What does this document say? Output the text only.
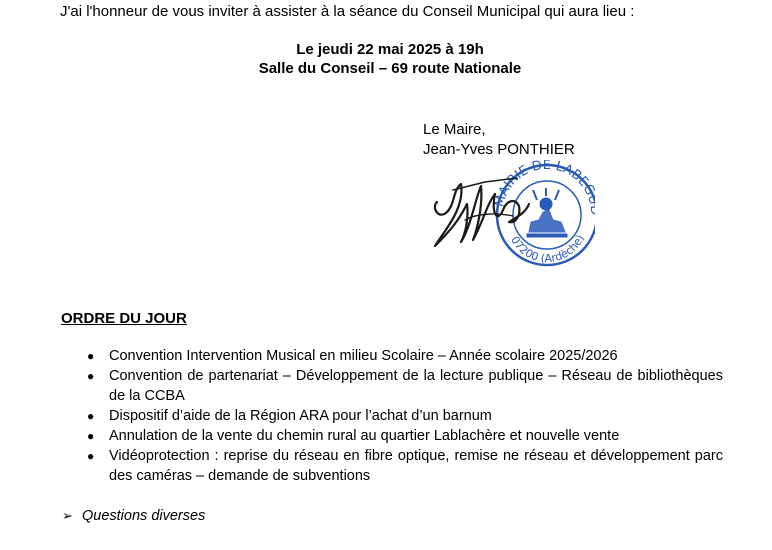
J'ai l'honneur de vous inviter à assister à la séance du Conseil Municipal qui aura lieu :

Le jeudi 22 mai 2025 à 19h

Salle du Conseil – 69 route Nationale

Le Maire,

Jean-Yves PONTHIER

MAIRIE DE LABE
07200 (Ardèche)

ORDRE DU JOUR

● Convention Intervention Musical en milieu Scolaire – Année scolaire 2025/2026
● Convention de partenariat – Développement de la lecture publique – Réseau de bibliothèques de la CCBA
● Dispositif d’aide de la Région ARA pour l’achat d’un barnum
● Annulation de la vente du chemin rural au quartier Lablachère et nouvelle vente
● Vidéoprotection : reprise du réseau en fibre optique, remise ne réseau et développement parc des caméras – demande de subventions

➢ Questions diverses
